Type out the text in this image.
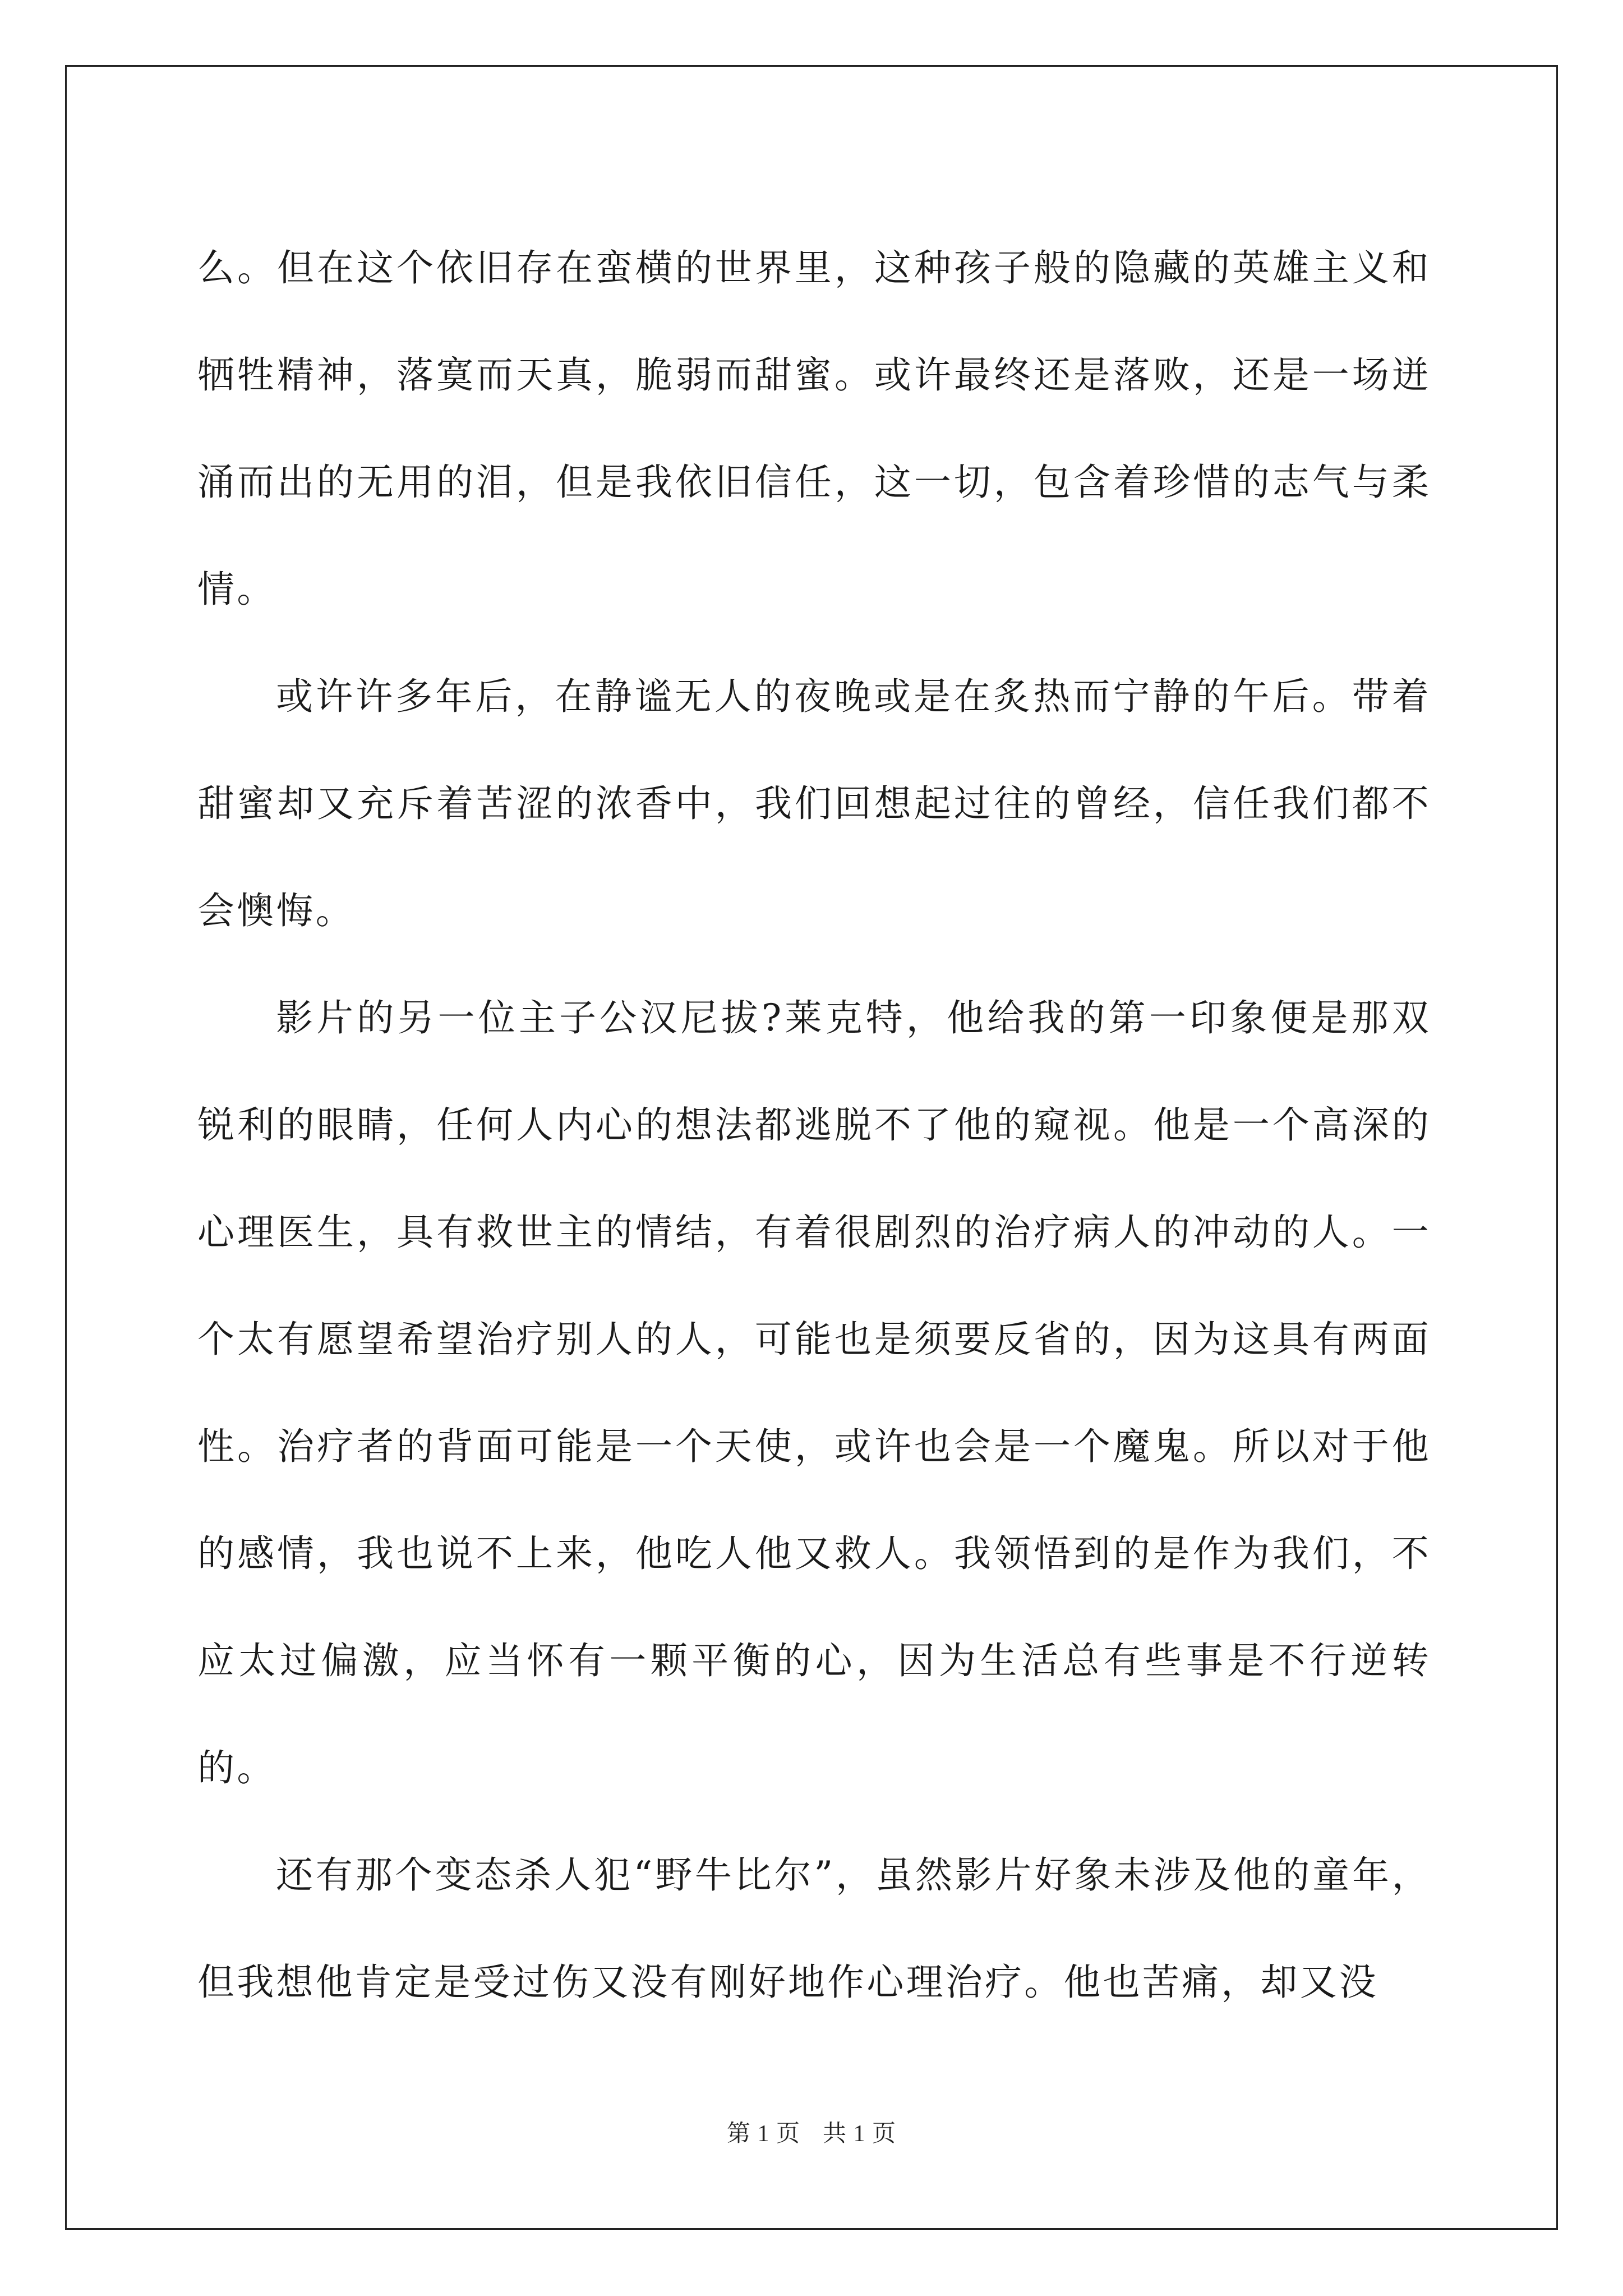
么。但在这个依旧存在蛮横的世界里，这种孩子般的隐藏的英雄主义和牺牲精神，落寞而天真，脆弱而甜蜜。或许最终还是落败，还是一场迸涌而出的无用的泪，但是我依旧信任，这一切，包含着珍惜的志气与柔情。

或许许多年后，在静谧无人的夜晚或是在炙热而宁静的午后。带着甜蜜却又充斥着苦涩的浓香中，我们回想起过往的曾经，信任我们都不会懊悔。

影片的另一位主子公汉尼拔?莱克特，他给我的第一印象便是那双锐利的眼睛，任何人内心的想法都逃脱不了他的窥视。他是一个高深的心理医生，具有救世主的情结，有着很剧烈的治疗病人的冲动的人。一个太有愿望希望治疗别人的人，可能也是须要反省的，因为这具有两面性。治疗者的背面可能是一个天使，或许也会是一个魔鬼。所以对于他的感情，我也说不上来，他吃人他又救人。我领悟到的是作为我们，不应太过偏激，应当怀有一颗平衡的心，因为生活总有些事是不行逆转的。

还有那个变态杀人犯“野牛比尔”，虽然影片好象未涉及他的童年，但我想他肯定是受过伤又没有刚好地作心理治疗。他也苦痛，却又没

第 1 页 共 1 页
